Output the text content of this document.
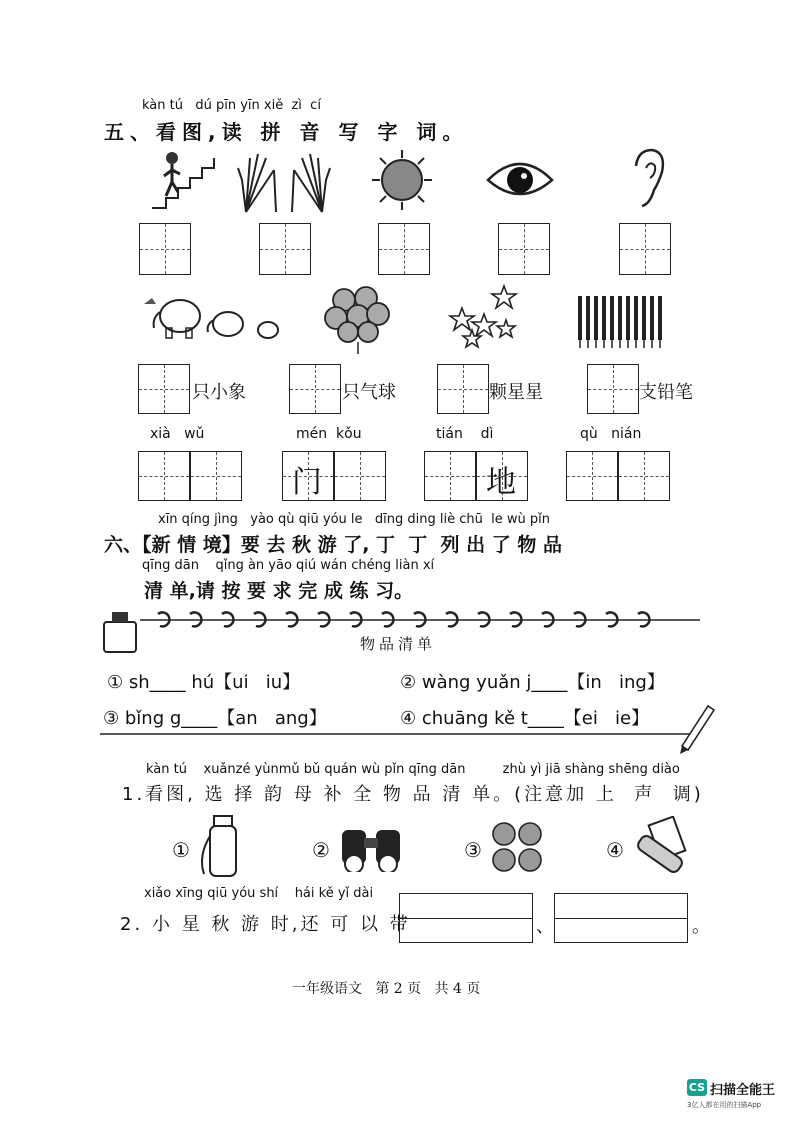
kàn tú   dú pīn yīn xiě  zì  cí
五、看图,读 拼 音 写 字 词。
只小象	只气球	颗星星	支铅笔
xià   wǔ	mén  kǒu
门
tián    dì
地
qù   nián
xīn qíng jìng   yào qù qiū yóu le   dīng ding liè chū  le wù pǐn
六、【新 情 境】要 去 秋 游 了, 丁  丁  列 出 了 物 品
qīng dān    qǐng àn yāo qiú wán chéng liàn xí
清 单,请 按 要 求 完 成 练 习。
物品清单
① sh____ hú【ui   iu】	② wàng yuǎn j____【in   ing】
③ bǐng g____【an   ang】	④ chuāng kě t____【ei   ie】
kàn tú    xuǎnzé yùnmǔ bǔ quán wù pǐn qīng dān         zhù yì jiā shàng shēng diào
1.看图, 选 择 韵 母 补 全 物 品 清 单。(注意加 上  声  调)
①	②	③	④
xiǎo xīng qiū yóu shí    hái kě yǐ dài
2. 小 星 秋 游 时,还 可 以 带	、	。
一年级语文   第 2 页   共 4 页
CS 扫描全能王
3亿人都在用的扫描App
